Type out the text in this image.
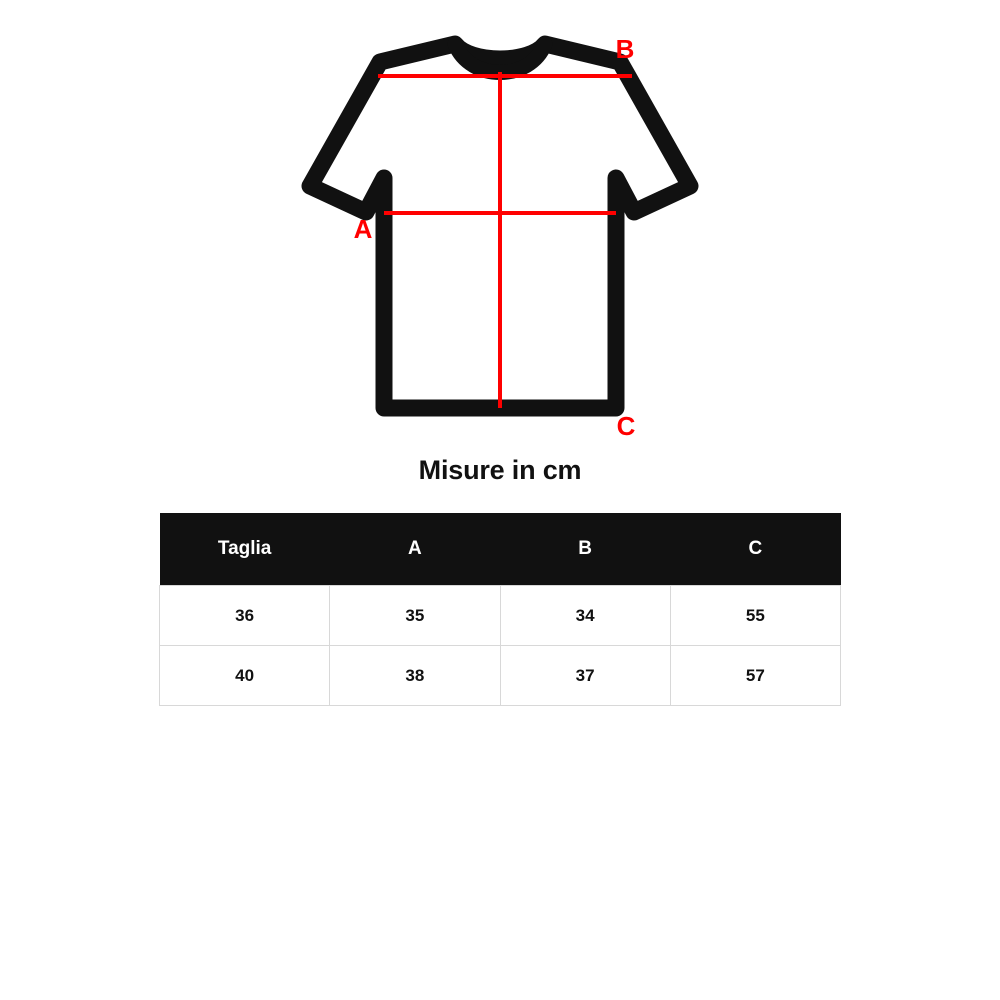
B
A
C
Misure in cm
Taglia	A	B	C
36	35	34	55
40	38	37	57
